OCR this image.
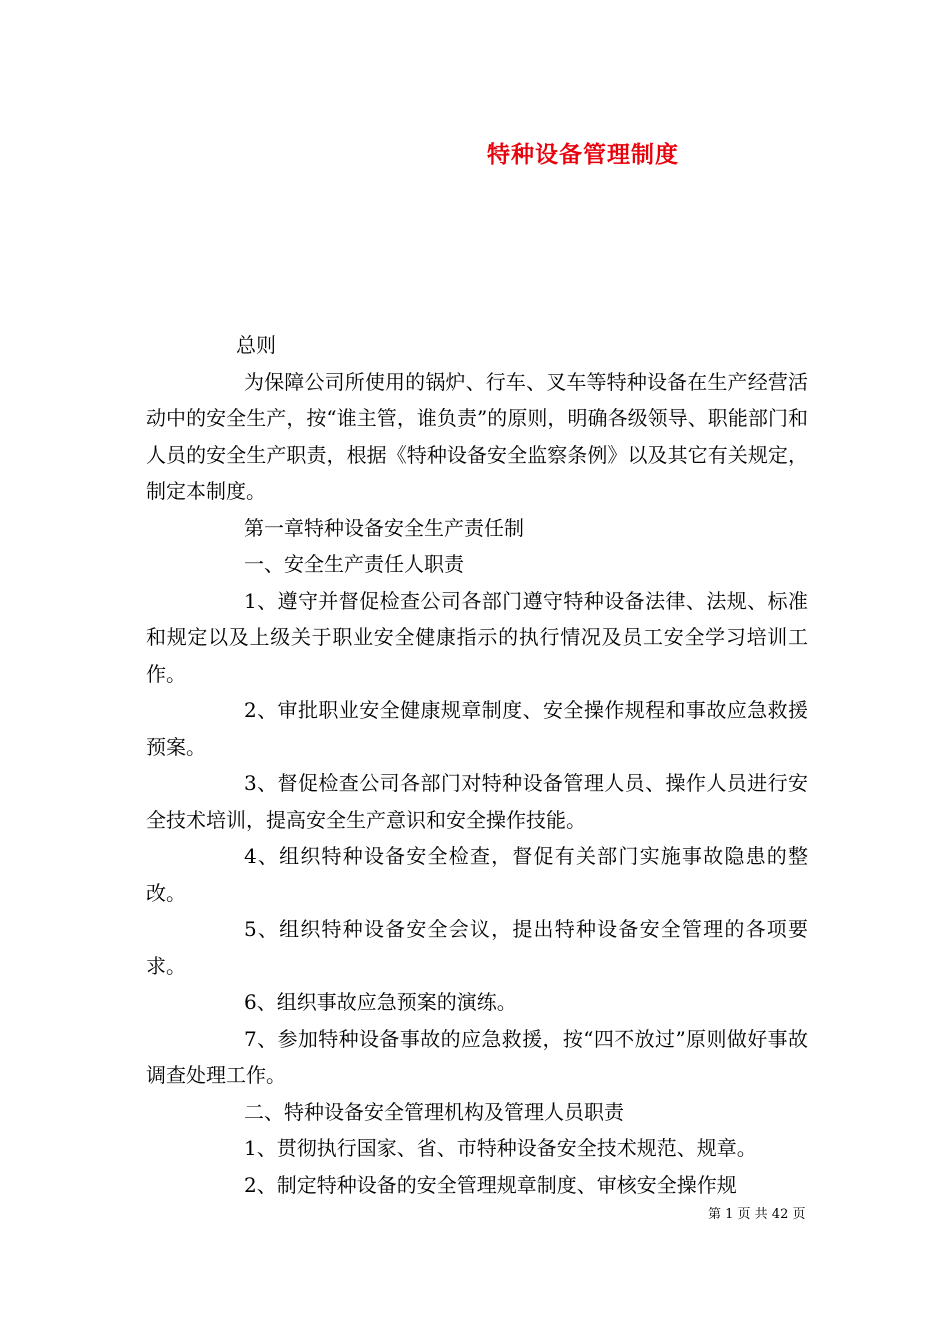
特种设备管理制度

总则

为保障公司所使用的锅炉、行车、叉车等特种设备在生产经营活动中的安全生产，按“谁主管，谁负责”的原则，明确各级领导、职能部门和人员的安全生产职责，根据《特种设备安全监察条例》以及其它有关规定，制定本制度。

第一章特种设备安全生产责任制

一、安全生产责任人职责

1、遵守并督促检查公司各部门遵守特种设备法律、法规、标准和规定以及上级关于职业安全健康指示的执行情况及员工安全学习培训工作。

2、审批职业安全健康规章制度、安全操作规程和事故应急救援预案。

3、督促检查公司各部门对特种设备管理人员、操作人员进行安全技术培训，提高安全生产意识和安全操作技能。

4、组织特种设备安全检查，督促有关部门实施事故隐患的整改。

5、组织特种设备安全会议，提出特种设备安全管理的各项要求。

6、组织事故应急预案的演练。

7、参加特种设备事故的应急救援，按“四不放过”原则做好事故调查处理工作。

二、特种设备安全管理机构及管理人员职责

1、贯彻执行国家、省、市特种设备安全技术规范、规章。

2、制定特种设备的安全管理规章制度、审核安全操作规

第 1 页 共 42 页
